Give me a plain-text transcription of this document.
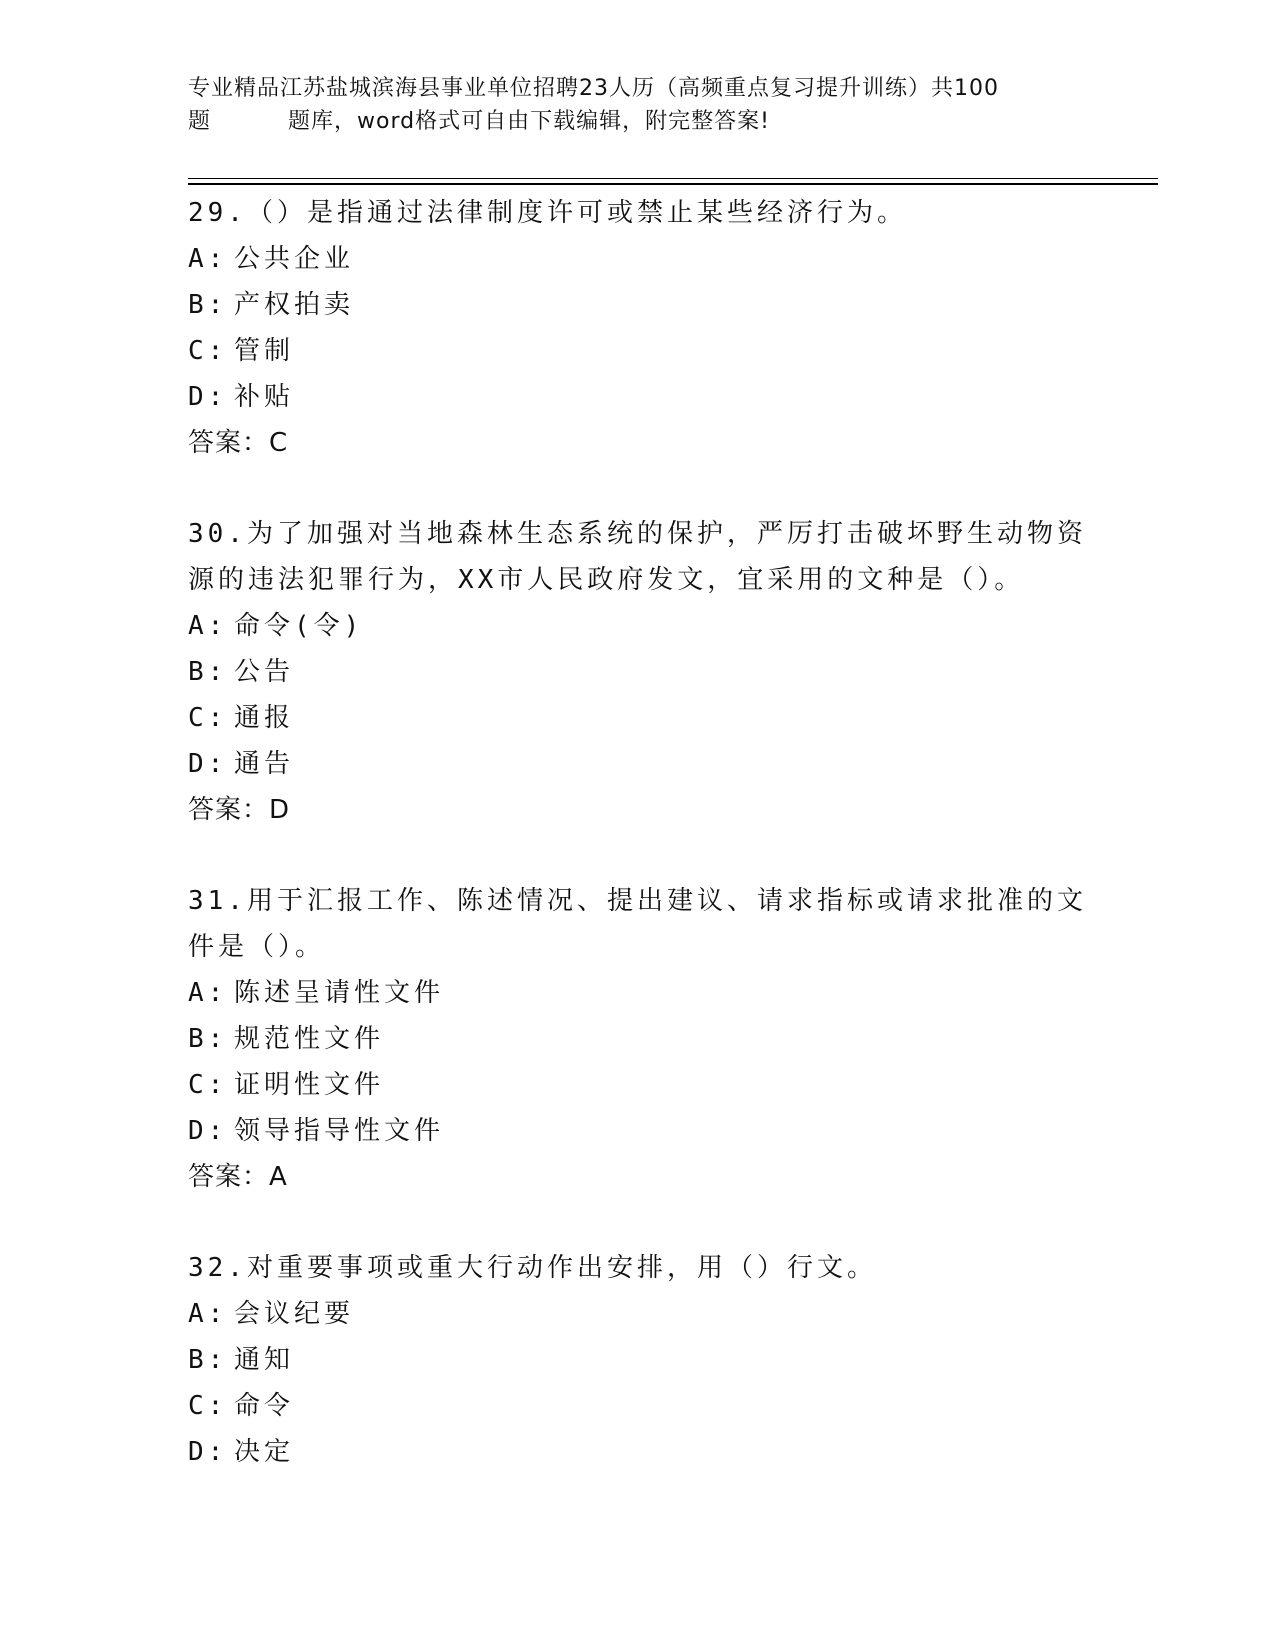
专业精品江苏盐城滨海县事业单位招聘23人历（高频重点复习提升训练）共100
题	题库，word格式可自由下载编辑，附完整答案!

29.（）是指通过法律制度许可或禁止某些经济行为。

A: 公共企业
B: 产权拍卖
C: 管制
D: 补贴

答案：C

30.为了加强对当地森林生态系统的保护，严厉打击破坏野生动物资源的违法犯罪行为，XX市人民政府发文，宜采用的文种是（）。

A: 命令(令)
B: 公告
C: 通报
D: 通告

答案：D

31.用于汇报工作、陈述情况、提出建议、请求指标或请求批准的文件是（）。

A: 陈述呈请性文件
B: 规范性文件
C: 证明性文件
D: 领导指导性文件

答案：A

32.对重要事项或重大行动作出安排，用（）行文。

A: 会议纪要
B: 通知
C: 命令
D: 决定
